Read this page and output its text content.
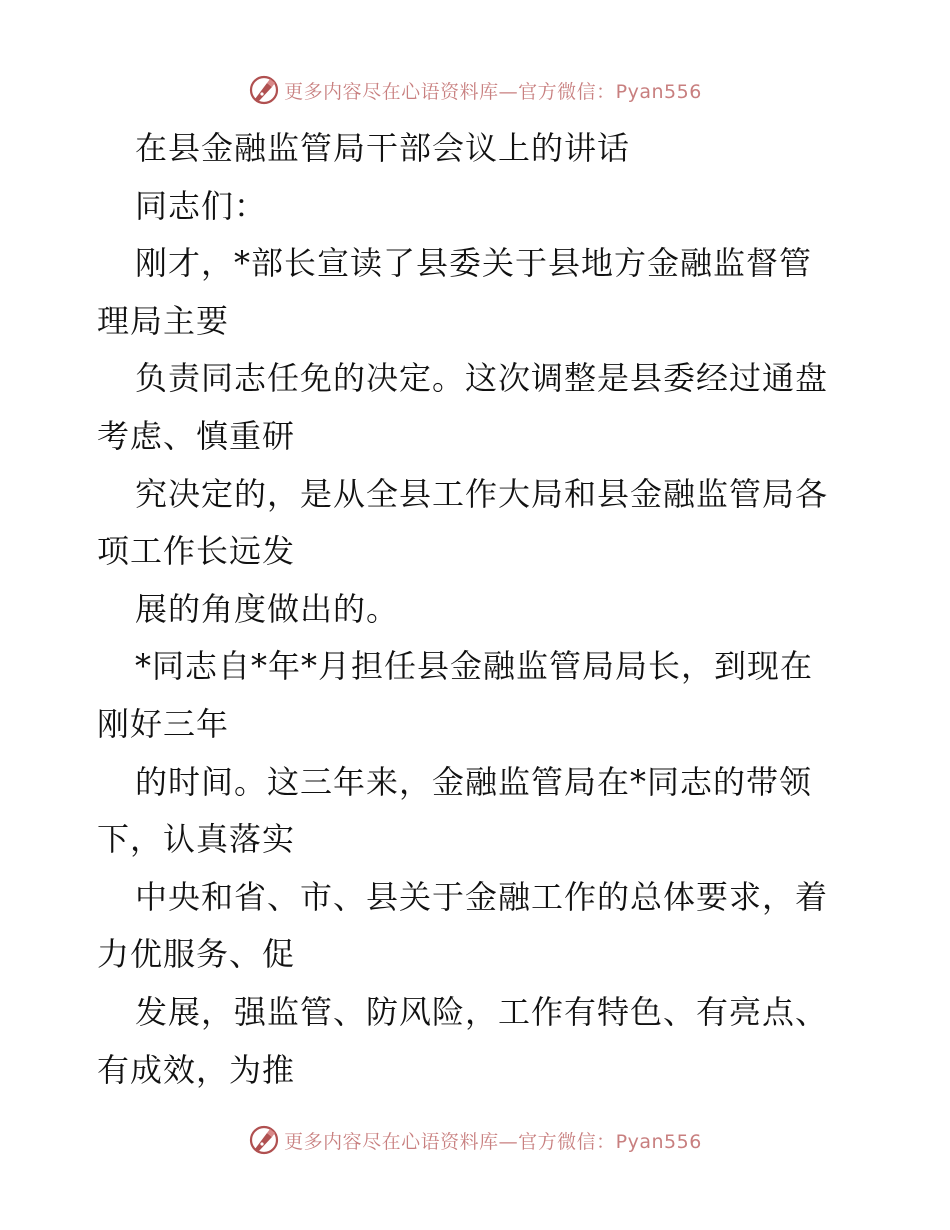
更多内容尽在心语资料库—官方微信：Pyan556
在县金融监管局干部会议上的讲话
同志们：
刚才，*部长宣读了县委关于县地方金融监督管
理局主要
负责同志任免的决定。这次调整是县委经过通盘
考虑、慎重研
究决定的，是从全县工作大局和县金融监管局各
项工作长远发
展的角度做出的。
*同志自*年*月担任县金融监管局局长，到现在
刚好三年
的时间。这三年来，金融监管局在*同志的带领
下，认真落实
中央和省、市、县关于金融工作的总体要求，着
力优服务、促
发展，强监管、防风险，工作有特色、有亮点、
有成效，为推
更多内容尽在心语资料库—官方微信：Pyan556
